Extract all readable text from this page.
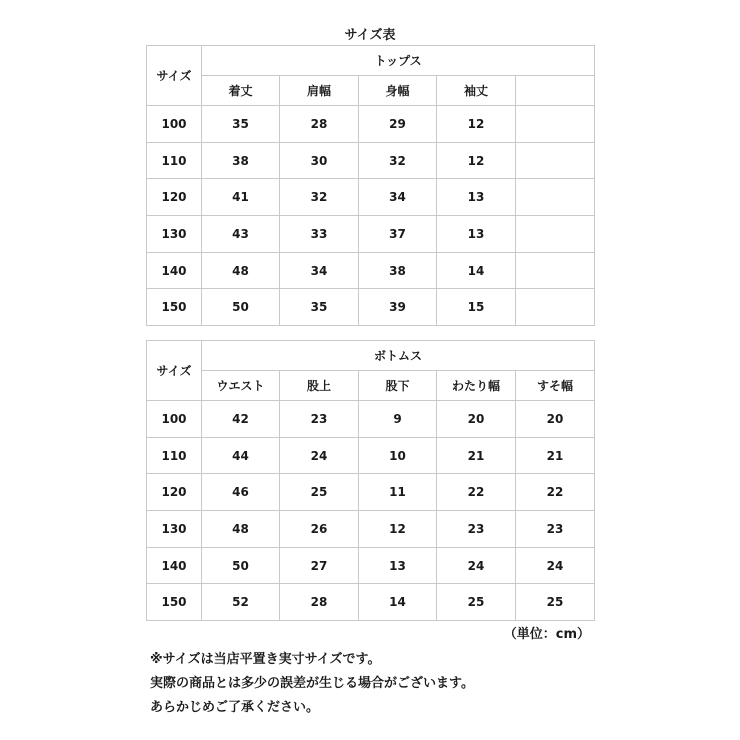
サイズ表
サイズ	トップス				
	着丈	肩幅	身幅	袖丈	
100	35	28	29	12	
110	38	30	32	12	
120	41	32	34	13	
130	43	33	37	13	
140	48	34	38	14	
150	50	35	39	15	
サイズ	ボトムス				
	ウエスト	股上	股下	わたり幅	すそ幅
100	42	23	9	20	20
110	44	24	10	21	21
120	46	25	11	22	22
130	48	26	12	23	23
140	50	27	13	24	24
150	52	28	14	25	25
（単位：cm）
※サイズは当店平置き実寸サイズです。
実際の商品とは多少の誤差が生じる場合がございます。
あらかじめご了承ください。
